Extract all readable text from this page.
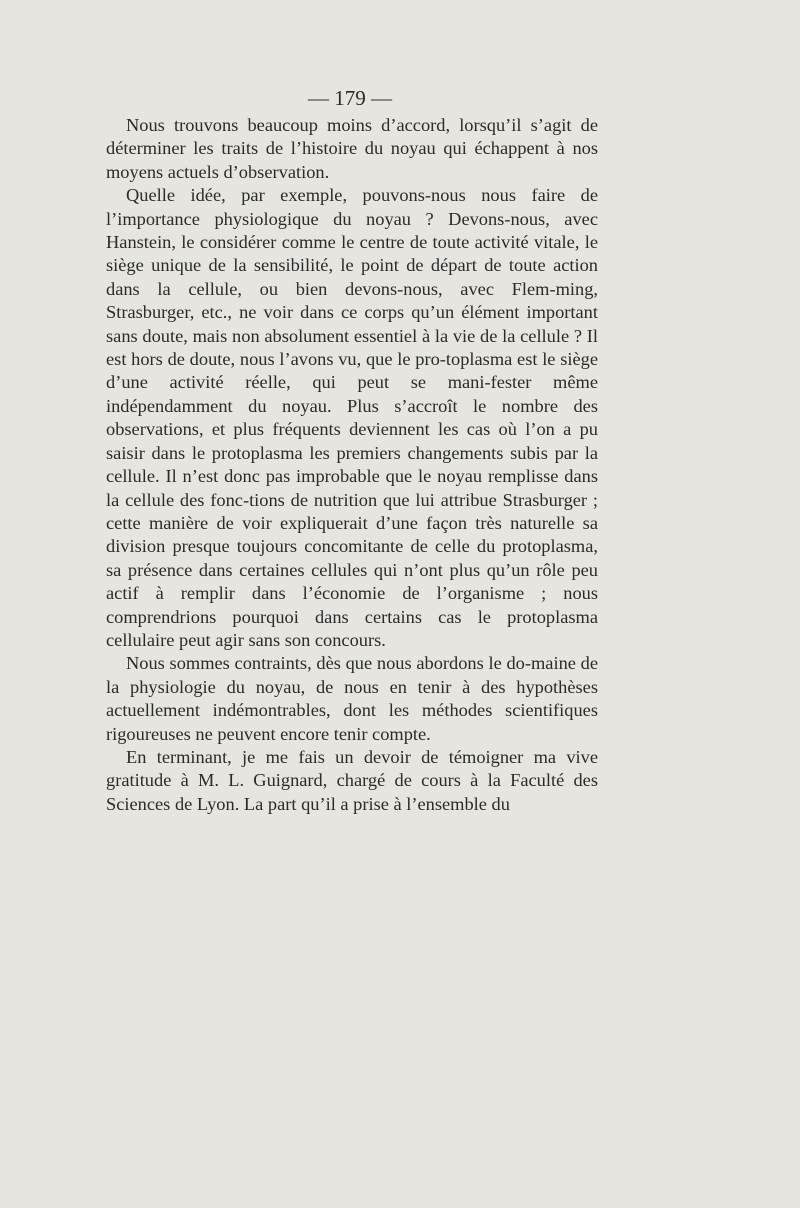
— 179 —

Nous trouvons beaucoup moins d’accord, lorsqu’il s’agit de déterminer les traits de l’histoire du noyau qui échappent à nos moyens actuels d’observation.

Quelle idée, par exemple, pouvons-nous nous faire de l’importance physiologique du noyau ? Devons-nous, avec Hanstein, le considérer comme le centre de toute activité vitale, le siège unique de la sensibilité, le point de départ de toute action dans la cellule, ou bien devons-nous, avec Flem-ming, Strasburger, etc., ne voir dans ce corps qu’un élément important sans doute, mais non absolument essentiel à la vie de la cellule ? Il est hors de doute, nous l’avons vu, que le pro-toplasma est le siège d’une activité réelle, qui peut se mani-fester même indépendamment du noyau. Plus s’accroît le nombre des observations, et plus fréquents deviennent les cas où l’on a pu saisir dans le protoplasma les premiers changements subis par la cellule. Il n’est donc pas improbable que le noyau remplisse dans la cellule des fonc-tions de nutrition que lui attribue Strasburger ; cette manière de voir expliquerait d’une façon très naturelle sa division presque toujours concomitante de celle du protoplasma, sa présence dans certaines cellules qui n’ont plus qu’un rôle peu actif à remplir dans l’économie de l’organisme ; nous comprendrions pourquoi dans certains cas le protoplasma cellulaire peut agir sans son concours.

Nous sommes contraints, dès que nous abordons le do-maine de la physiologie du noyau, de nous en tenir à des hypothèses actuellement indémontrables, dont les méthodes scientifiques rigoureuses ne peuvent encore tenir compte.

En terminant, je me fais un devoir de témoigner ma vive gratitude à M. L. Guignard, chargé de cours à la Faculté des Sciences de Lyon. La part qu’il a prise à l’ensemble du
